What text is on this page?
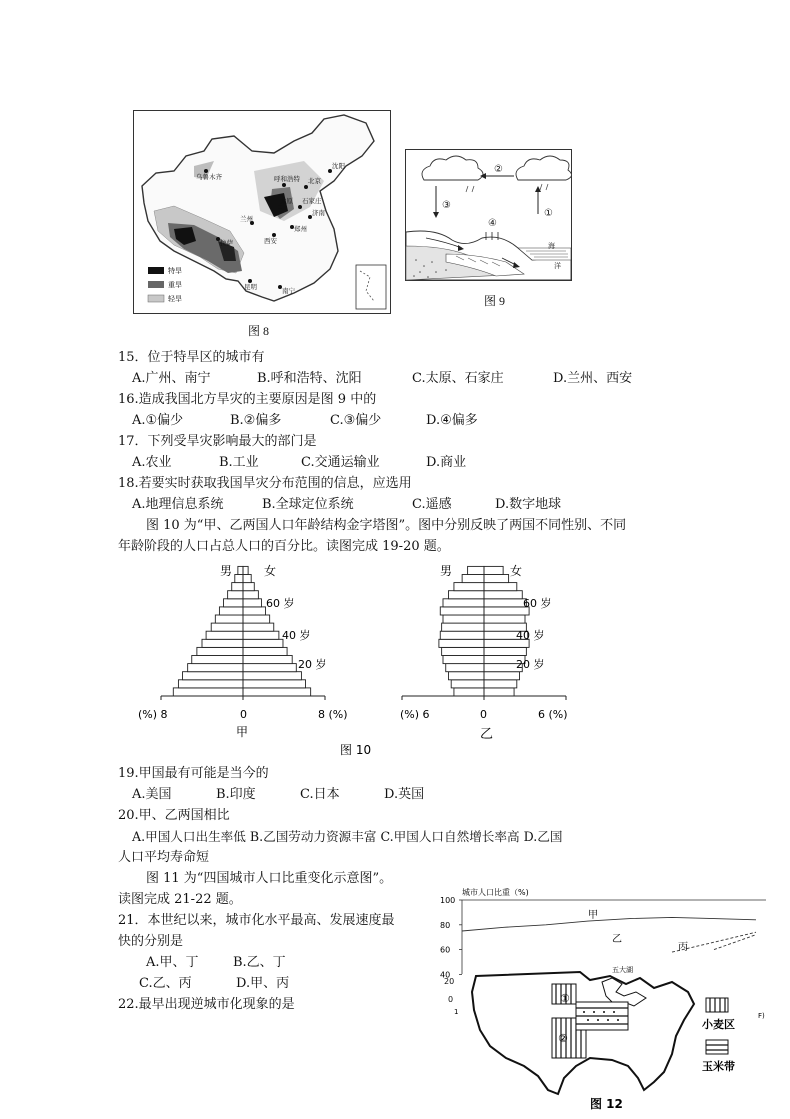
乌鲁木齐	呼和浩特 北京
沈阳
太原 石家庄
济南
兰州
西安
郑州
拉萨
昆明	南宁
特旱
重旱
轻旱
图 8
②
①
③
④
海
洋
图 9
15．位于特旱区的城市有
A.广州、南宁	B.呼和浩特、沈阳	C.太原、石家庄	D.兰州、西安
16.造成我国北方旱灾的主要原因是图 9 中的
A.①偏少	B.②偏多	C.③偏少	D.④偏多
17．下列受旱灾影响最大的部门是
A.农业	B.工业	C.交通运输业	D.商业
18.若要实时获取我国旱灾分布范围的信息，应选用
A.地理信息系统	B.全球定位系统	C.遥感	D.数字地球
图 10 为“甲、乙两国人口年龄结构金字塔图”。图中分别反映了两国不同性别、不同
年龄阶段的人口占总人口的百分比。读图完成 19-20 题。
男	女
60 岁
40 岁
20 岁
(%) 8	0	8 (%)
甲
男	女
60 岁
40 岁
20 岁
(%) 6	0	6 (%)
乙
图 10
19.甲国最有可能是当今的
A.美国	B.印度	C.日本	D.英国
20.甲、乙两国相比
A.甲国人口出生率低 B.乙国劳动力资源丰富 C.甲国人口自然增长率高 D.乙国
人口平均寿命短
图 11 为“四国城市人口比重变化示意图”。
读图完成 21-22 题。
21．本世纪以来，城市化水平最高、发展速度最
快的分别是
A.甲、丁	B.乙、丁
C.乙、丙	D.甲、丙
22.最早出现逆城市化现象的是
城市人口比重（%)
100
80
60
40
甲
乙
丙
20
0
1
①
②
五大湖
小麦区
玉米带
F)
图 12
